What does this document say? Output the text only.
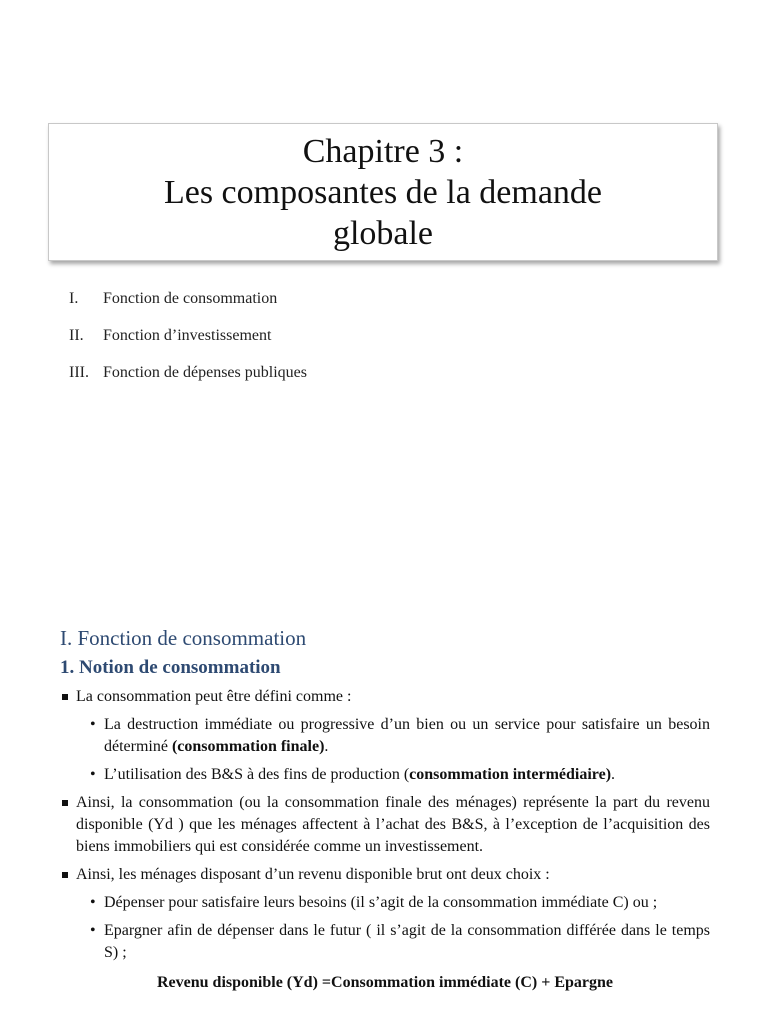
Chapitre 3 :
Les composantes de la demande
globale
I.	Fonction de consommation
II.	Fonction d’investissement
III. Fonction de dépenses publiques
I. Fonction de consommation
1. Notion de consommation

La consommation peut être défini comme :

• La destruction immédiate ou progressive d’un bien ou un service pour satisfaire un besoin déterminé (consommation finale).

• L’utilisation des B&S à des fins de production (consommation intermédiaire).

Ainsi, la consommation (ou la consommation finale des ménages) représente la part du revenu disponible (Yd ) que les ménages affectent à l’achat des B&S, à l’exception de l’acquisition des biens immobiliers qui est considérée comme un investissement.

Ainsi, les ménages disposant d’un revenu disponible brut ont deux choix :

• Dépenser pour satisfaire leurs besoins (il s’agit de la consommation immédiate C) ou ;

• Epargner afin de dépenser dans le futur ( il s’agit de la consommation différée dans le temps S) ;

Revenu disponible (Yd) =Consommation immédiate (C) + Epargne
